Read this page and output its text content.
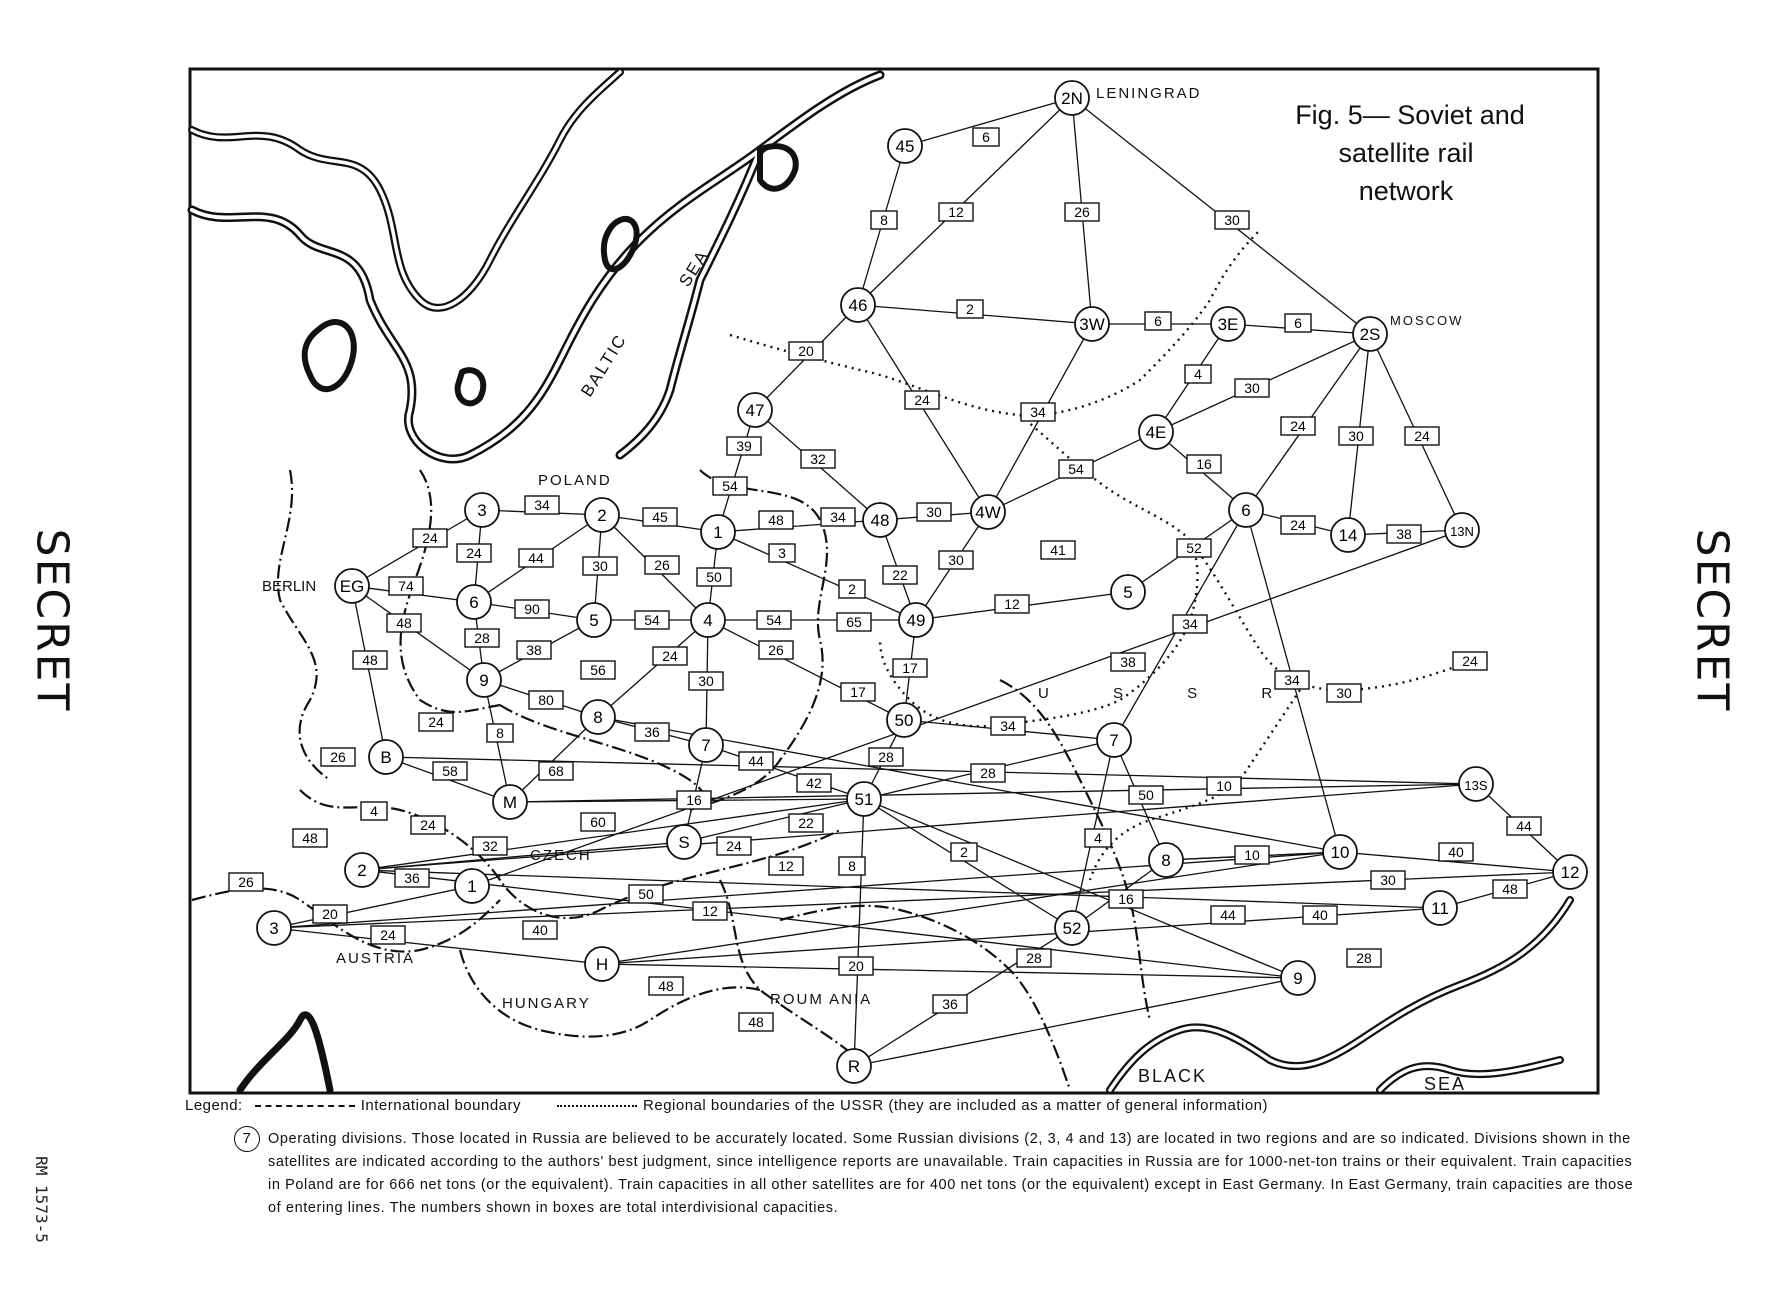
6
8	12	26	30
2
6	6
20
4
30
24
34
24
30	24
39
32
54	16
54
34
45	48	34	30
24
38
24
24	44	30	26
3	41	52
74
50
30
22
2
48
90
54	54	65
12
34
28
38	24	26
48
56
30
17	38	24
80	17
34
30
24
8	36	34
26
58	68
44	28
28
42	10
50
16
4
24	60	22	44
48	32	24	4
2	40
10
12	8
36	30
26	48
50	16
20	12	44	40
24	40
20	28	28
48
36
48
2N
45
46
3W	3E
2S
47
4E
6
14	13N
3	2
1
48	4W
EG
6
5	4	49
5
9
8
7
50
7
B
M	51
13S
S
2
1
8	10
12
3	52
11
H
9
R
LENINGRAD
MOSCOW
BERLIN
POLAND
CZECH
AUSTRIA
HUNGARY	ROUM ANIA
U S S R
BALTIC
SEA
BLACK	SEA
Fig. 5— Soviet and
satellite rail
network
SECRET	SECRET
RM 1573-5
Legend:	International boundary	Regional boundaries of the USSR (they are included as a matter of general information)
7	Operating divisions. Those located in Russia are believed to be accurately located. Some Russian divisions (2, 3, 4 and 13) are located in two regions and are so indicated. Divisions shown in the satellites are indicated according to the authors' best judgment, since intelligence reports are unavailable. Train capacities in Russia are for 1000-net-ton trains or their equivalent. Train capacities in Poland are for 666 net tons (or the equivalent). Train capacities in all other satellites are for 400 net tons (or the equivalent) except in East Germany. In East Germany, train capacities are those of entering lines. The numbers shown in boxes are total interdivisional capacities.
